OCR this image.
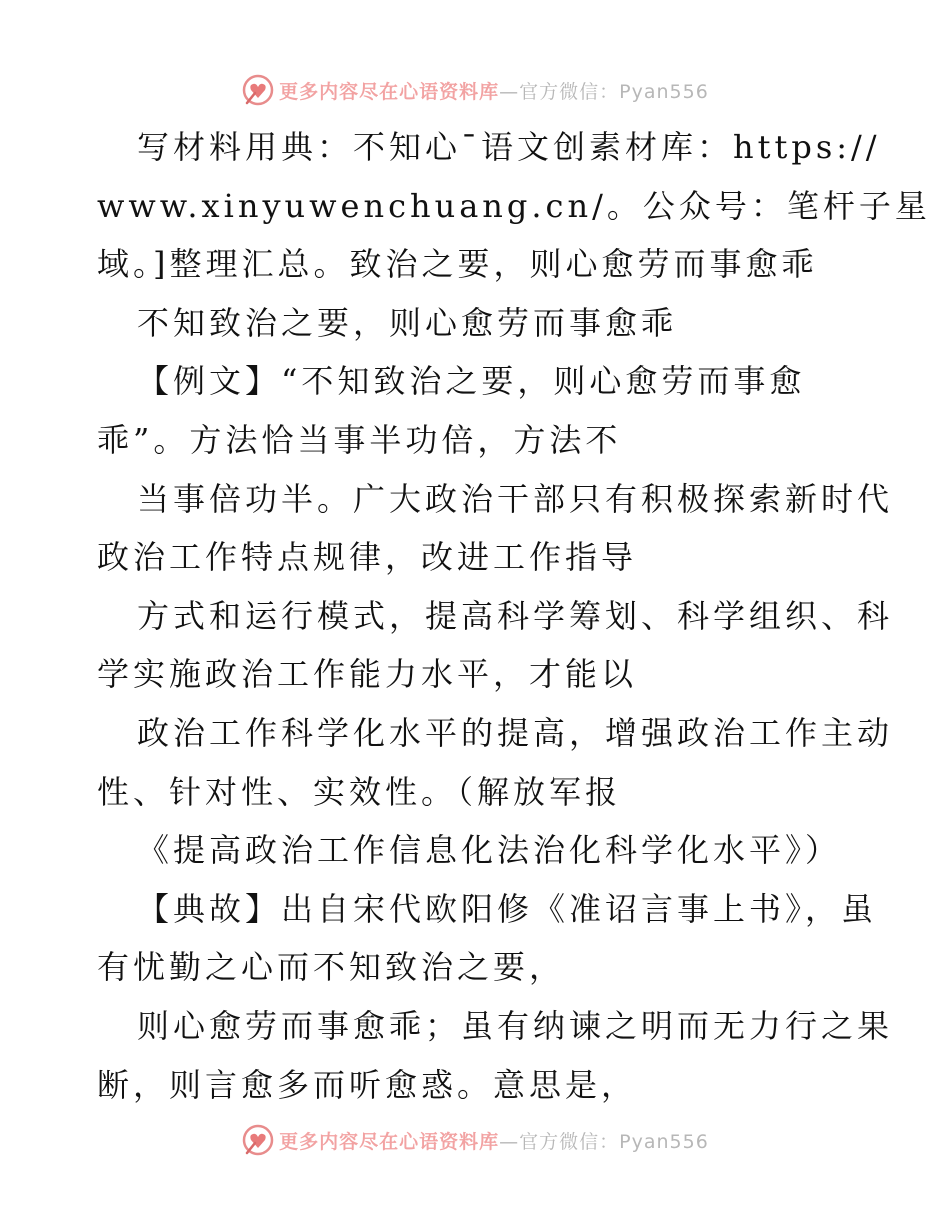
更多内容尽在心语资料库—官方微信：Pyan556
写材料用典：不知心¯语文创素材库：https://
www.xinyuwenchuang.cn/。公众号：笔杆子星
域。]整理汇总。致治之要，则心愈劳而事愈乖
不知致治之要，则心愈劳而事愈乖
【例文】“不知致治之要，则心愈劳而事愈
乖”。方法恰当事半功倍，方法不
当事倍功半。广大政治干部只有积极探索新时代
政治工作特点规律，改进工作指导
方式和运行模式，提高科学筹划、科学组织、科
学实施政治工作能力水平，才能以
政治工作科学化水平的提高，增强政治工作主动
性、针对性、实效性。（解放军报
《提高政治工作信息化法治化科学化水平》）
【典故】出自宋代欧阳修《准诏言事上书》，虽
有忧勤之心而不知致治之要，
则心愈劳而事愈乖；虽有纳谏之明而无力行之果
断，则言愈多而听愈惑。意思是，
更多内容尽在心语资料库—官方微信：Pyan556
